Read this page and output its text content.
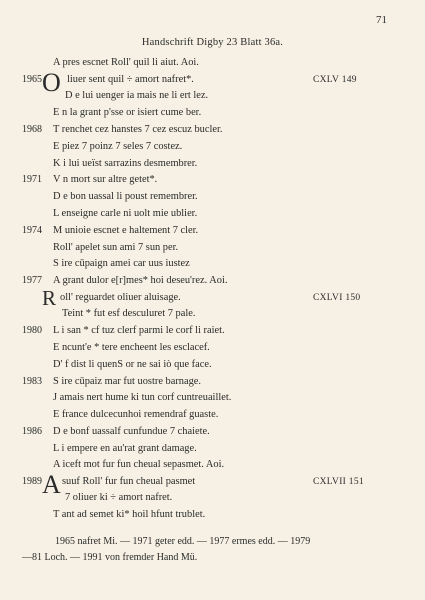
71
Handschrift Digby 23 Blatt 36a.
A pres escnet Roll' quil li aiut. Aoi.
O
1965 liuer sent quil ÷ amort nafret*.	CXLV 149
D e lui uenger ia mais ne li ert lez.
E n la grant p'sse or isiert cume ber.
1968 T renchet cez hanstes 7 cez escuz bucler.
E piez 7 poinz 7 seles 7 costez.
K i lui ueïst sarrazins desmembrer.
1971 V n mort sur altre getet*.
D e bon uassal li poust remembrer.
L enseigne carle ni uolt mie ubliеr.
1974 M unioie escnet e haltement 7 cler.
Roll' apelet sun ami 7 sun per.
S ire cūpaign amei car uus iustez
1977 A grant dulor e[r]mes* hoi deseu'rez. Aoi.
R oll' reguardet oliuer aluisage.	CXLVI 150
Teint * fut esf desculuret 7 pale.
1980 L i san * cf tuz clerf parmi le corf li raiet.
E ncunt'e * tere encheent les esclacef.
D' f dist li quenS or ne sai iò que face.
1983 S ire cūpaiz mar fut uostre barnage.
J amais nert hume ki tun corf cuntreuaillet.
E france dulcecunhoi remendraf guaste.
1986 D e bonf uassalf cunfundue 7 chaiete.
L i empere en au'rat grant damage.
A iceft mot fur fun cheual sepasmet. Aoi.
A
1989 suuf Roll' fur fun cheual pasmet	CXLVII 151
7 oliuer ki ÷ amort nafret.
T ant ad semet ki* hoil hfunt trublet.
1965 nafret Mi. — 1971 geter edd. — 1977 ermes edd. — 1979
—81 Loch. — 1991 von fremder Hand Mü.
